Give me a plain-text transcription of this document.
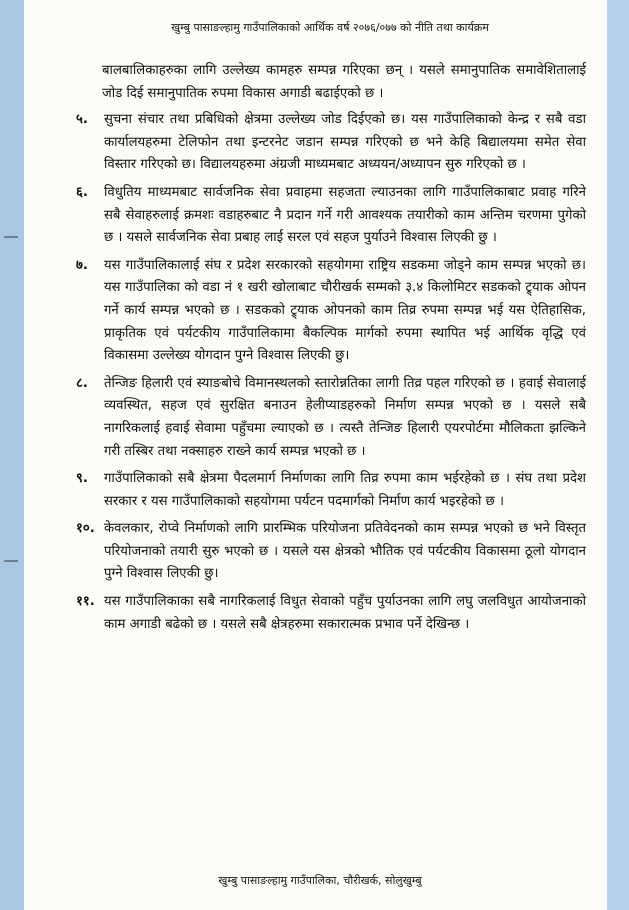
खुम्बु पासाङल्हामु गाउँपालिकाको आर्थिक वर्ष २०७६/०७७ को नीति तथा कार्यक्रम

बालबालिकाहरुका लागि उल्लेख्य कामहरु सम्पन्न गरिएका छन् । यसले समानुपातिक समावेशितालाई जोड दिई समानुपातिक रुपमा विकास अगाडी बढाईएको छ ।

५.	सुचना संचार तथा प्रबिधिको क्षेत्रमा उल्लेख्य जोड दिईएको छ। यस गाउँपालिकाको केन्द्र र सबै वडा कार्यालयहरुमा टेलिफोन तथा इन्टरनेट जडान सम्पन्न गरिएको छ भने केहि बिद्यालयमा समेत सेवा विस्तार गरिएको छ। विद्यालयहरुमा अंग्रजी माध्यमबाट अध्ययन/अध्यापन सुरु गरिएको छ ।

६.	विधुतिय माध्यमबाट सार्वजनिक सेवा प्रवाहमा सहजता ल्याउनका लागि गाउँपालिकाबाट प्रवाह गरिने सबै सेवाहरुलाई क्रमशः वडाहरुबाट नै प्रदान गर्ने गरी आवश्यक तयारीको काम अन्तिम चरणमा पुगेको छ । यसले सार्वजनिक सेवा प्रबाह लाई सरल एवं सहज पुर्याउने विश्वास लिएकी छु ।

७.	यस गाउँपालिकालाई संघ र प्रदेश सरकारको सहयोगमा राष्ट्रिय सडकमा जोड्ने काम सम्पन्न भएको छ। यस गाउँपालिका को वडा नं १ खरी खोलाबाट चौरीखर्क सम्मको ३.४ किलोमिटर सडकको ट्र्याक ओपन गर्ने कार्य सम्पन्न भएको छ । सडकको ट्र्याक ओपनको काम तिव्र रुपमा सम्पन्न भई यस ऐतिहासिक, प्राकृतिक एवं पर्यटकीय गाउँपालिकामा बैकल्पिक मार्गको रुपमा स्थापित भई आर्थिक वृद्धि एवं विकासमा उल्लेख्य योगदान पुग्ने विश्वास लिएकी छु।

८.	तेन्जिङ हिलारी एवं स्याङबोचे विमानस्थलको स्तारोन्नतिका लागी तिव्र पहल गरिएको छ । हवाई सेवालाई व्यवस्थित, सहज एवं सुरक्षित बनाउन हेलीप्याडहरुको निर्माण सम्पन्न भएको छ । यसले सबै नागरिकलाई हवाई सेवामा पहुँचमा ल्याएको छ । त्यस्तै तेन्जिङ हिलारी एयरपोर्टमा मौलिकता झल्किने गरी तस्बिर तथा नक्साहरु राख्ने कार्य सम्पन्न भएको छ ।

९.	गाउँपालिकाको सबै क्षेत्रमा पैदलमार्ग निर्माणका लागि तिव्र रुपमा काम भईरहेको छ । संघ तथा प्रदेश सरकार र यस गाउँपालिकाको सहयोगमा पर्यटन पदमार्गको निर्माण कार्य भइरहेको छ ।

१०. केवलकार, रोप्वे निर्माणको लागि प्रारम्भिक परियोजना प्रतिवेदनको काम सम्पन्न भएको छ भने विस्तृत परियोजनाको तयारी सुरु भएको छ । यसले यस क्षेत्रको भौतिक एवं पर्यटकीय विकासमा ठूलो योगदान पुग्ने विश्वास लिएकी छु।

११. यस गाउँपालिकाका सबै नागरिकलाई विधुत सेवाको पहुँच पुर्याउनका लागि लघु जलविधुत आयोजनाको काम अगाडी बढेको छ । यसले सबै क्षेत्रहरुमा सकारात्मक प्रभाव पर्ने देखिन्छ ।

खुम्बु पासाङल्हामु गाउँपालिका, चौरीखर्क, सोलुखुम्बु
